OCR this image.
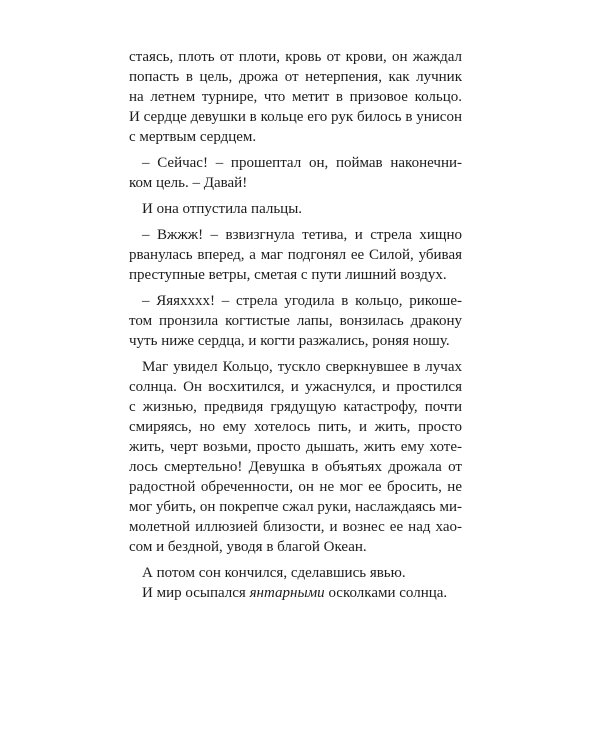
стаясь, плоть от плоти, кровь от крови, он жаждал
попасть в цель, дрожа от нетерпения, как лучник
на летнем турнире, что метит в призовое кольцо.
И сердце девушки в кольце его рук билось в унисон
с мертвым сердцем.
– Сейчас! – прошептал он, поймав наконечни-
ком цель. – Давай!
И она отпустила пальцы.
– Вжжж! – взвизгнула тетива, и стрела хищно
рванулась вперед, а маг подгонял ее Силой, убивая
преступные ветры, сметая с пути лишний воздух.
– Яяяхххх! – стрела угодила в кольцо, рикоше-
том пронзила когтистые лапы, вонзилась дракону
чуть ниже сердца, и когти разжались, роняя ношу.
Маг увидел Кольцо, тускло сверкнувшее в лучах
солнца. Он восхитился, и ужаснулся, и простился
с жизнью, предвидя грядущую катастрофу, почти
смиряясь, но ему хотелось пить, и жить, просто
жить, черт возьми, просто дышать, жить ему хоте-
лось смертельно! Девушка в объятьях дрожала от
радостной обреченности, он не мог ее бросить, не
мог убить, он покрепче сжал руки, наслаждаясь ми-
молетной иллюзией близости, и вознес ее над хао-
сом и бездной, уводя в благой Океан.
А потом сон кончился, сделавшись явью.
И мир осыпался янтарными осколками солнца.
